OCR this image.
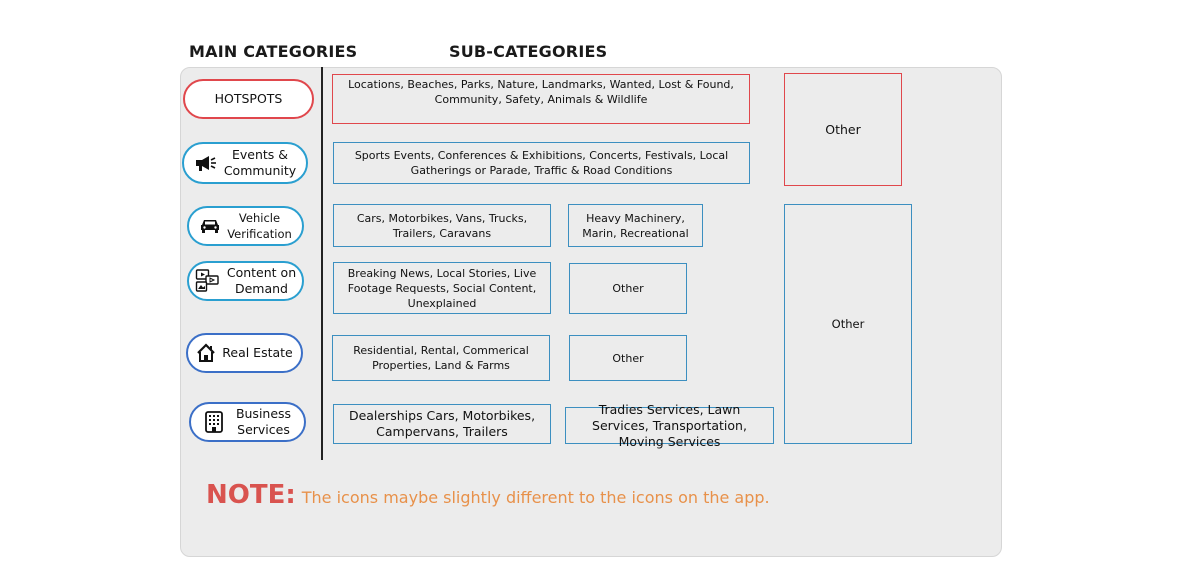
MAIN CATEGORIES	SUB-CATEGORIES
HOTSPOTS
Events &
Community
Vehicle
Verification
Content on
Demand
Real Estate
Business
Services
Locations, Beaches, Parks, Nature, Landmarks, Wanted, Lost & Found, Community, Safety, Animals & Wildlife
Sports Events, Conferences & Exhibitions, Concerts, Festivals, Local Gatherings or Parade, Traffic & Road Conditions
Cars, Motorbikes, Vans, Trucks, Trailers, Caravans
Heavy Machinery, Marin, Recreational
Breaking News, Local Stories, Live Footage Requests, Social Content, Unexplained
Other
Residential, Rental, Commerical Properties, Land & Farms
Other
Dealerships Cars, Motorbikes, Campervans, Trailers
Tradies Services, Lawn Services, Transportation, Moving Services
Other
Other
NOTE: The icons maybe slightly different to the icons on the app.
